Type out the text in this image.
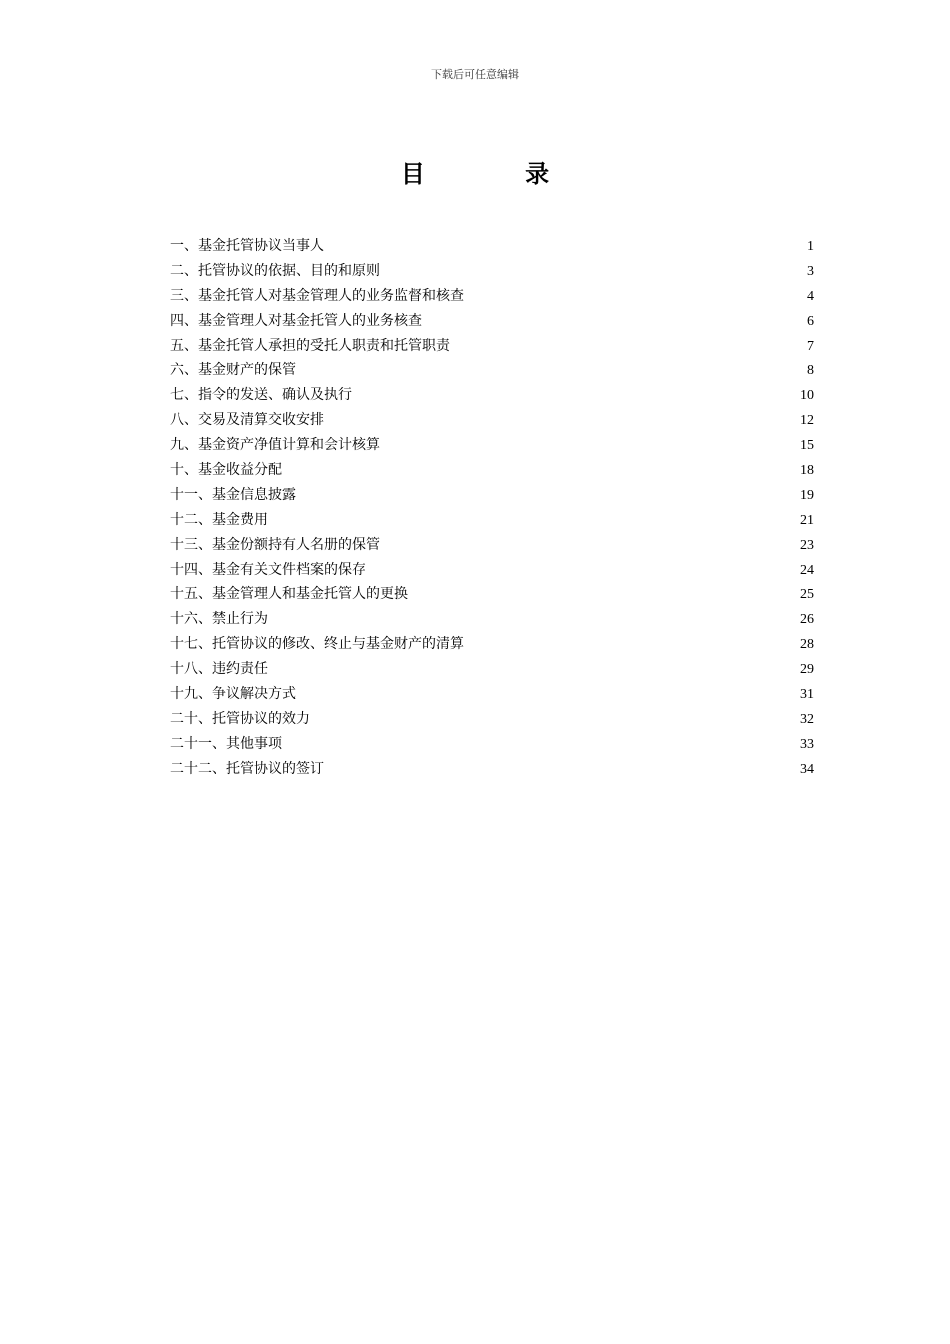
下载后可任意编辑
目 录
一、基金托管协议当事人	1
二、托管协议的依据、目的和原则	3
三、基金托管人对基金管理人的业务监督和核查	4
四、基金管理人对基金托管人的业务核查	6
五、基金托管人承担的受托人职责和托管职责	7
六、基金财产的保管	8
七、指令的发送、确认及执行	10
八、交易及清算交收安排	12
九、基金资产净值计算和会计核算	15
十、基金收益分配	18
十一、基金信息披露	19
十二、基金费用	21
十三、基金份额持有人名册的保管	23
十四、基金有关文件档案的保存	24
十五、基金管理人和基金托管人的更换	25
十六、禁止行为	26
十七、托管协议的修改、终止与基金财产的清算	28
十八、违约责任	29
十九、争议解决方式	31
二十、托管协议的效力	32
二十一、其他事项	33
二十二、托管协议的签订	34
